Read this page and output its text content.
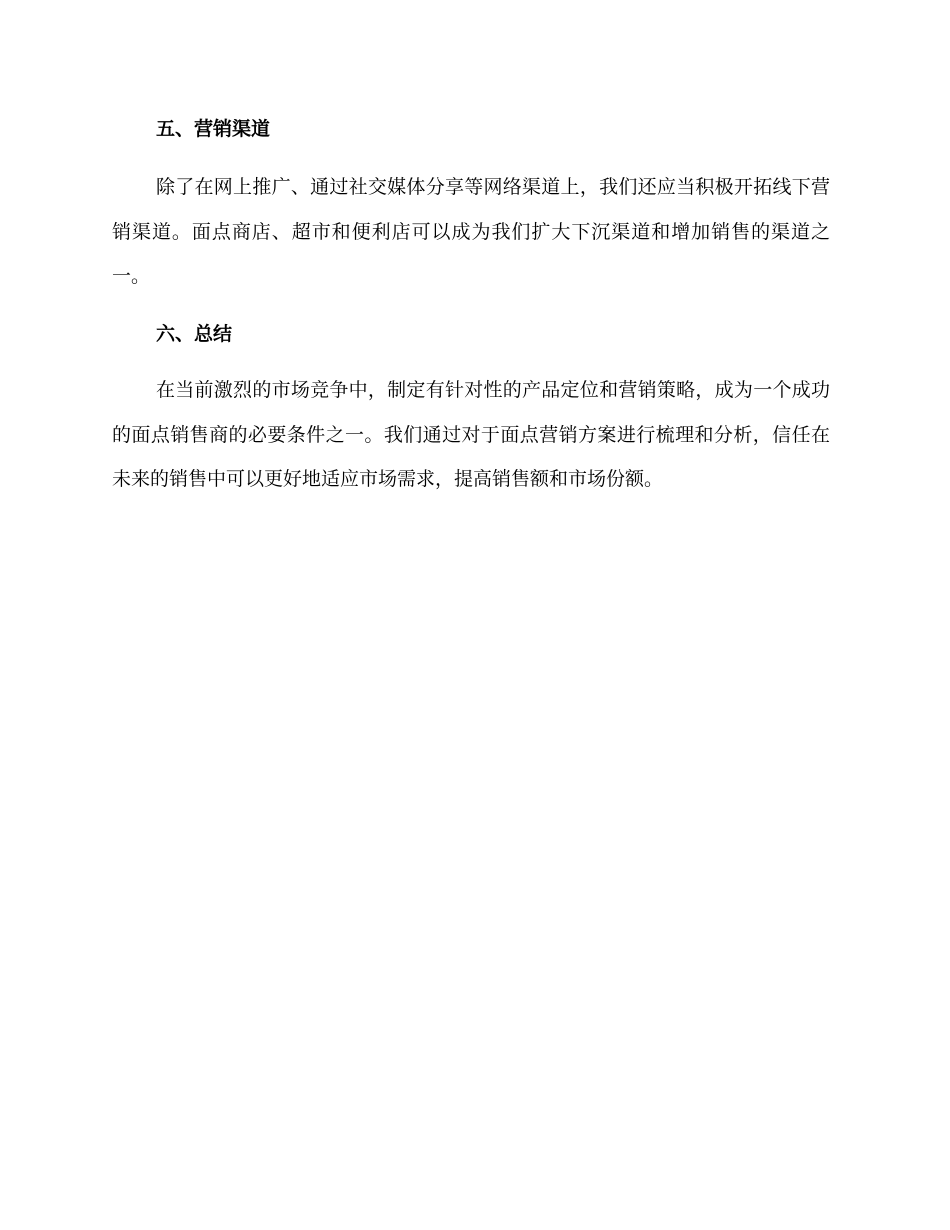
五、营销渠道

除了在网上推广、通过社交媒体分享等网络渠道上，我们还应当积极开拓线下营销渠道。面点商店、超市和便利店可以成为我们扩大下沉渠道和增加销售的渠道之一。

六、总结

在当前激烈的市场竞争中，制定有针对性的产品定位和营销策略，成为一个成功的面点销售商的必要条件之一。我们通过对于面点营销方案进行梳理和分析，信任在未来的销售中可以更好地适应市场需求，提高销售额和市场份额。
